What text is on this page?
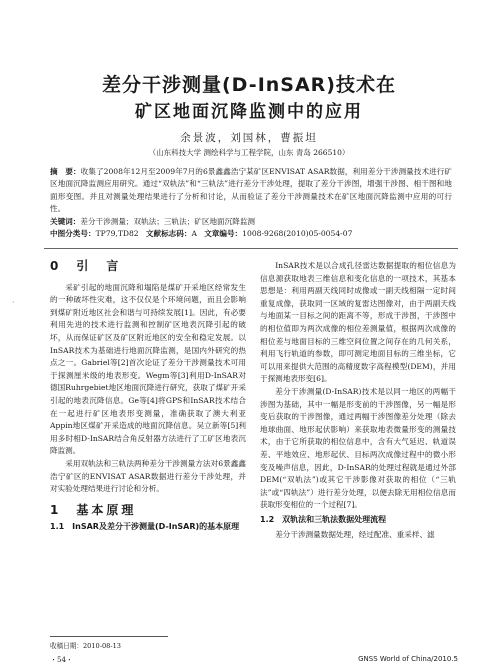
差分干涉测量(D-InSAR)技术在
矿区地面沉降监测中的应用
余景波，刘国林，曹振坦
（山东科技大学 测绘科学与工程学院，山东 青岛 266510）
摘　要：收集了2008年12月至2009年7月的6景鑫鑫浩宁某矿区ENVISAT ASAR数据，利用差分干涉测量技术进行矿区地面沉降监测应用研究。通过“双轨法”和“三轨法”进行差分干涉处理，提取了差分干涉图，增强干涉图、相干图和地面形变图。并且对测量处理结果进行了分析和讨论，从而验证了差分干涉测量技术在矿区地面沉降监测中应用的可行性。
关键词：差分干涉测量；双轨法；三轨法；矿区地面沉降监测
中图分类号：TP79,TD82 文献标志码：A 文章编号：1008-9268(2010)05-0054-07
·
0　引　言

采矿引起的地面沉降和塌陷是煤矿开采地区经常发生的一种破坏性灾难，这不仅仅是个环境问题，而且会影响到煤矿附近地区社会和谐与可持续发展[1]。因此，有必要利用先进的技术进行监测和控制矿区地表沉降引起的破坏，从而保证矿区及矿区附近地区的安全和稳定发展。以InSAR技术为基础进行地面沉降监测，是国内外研究的热点之一。Gabriel等[2]首次论证了差分干涉测量技术可用于探测厘米级的地表形变。Wegm等[3]利用D-InSAR对德国Ruhrgebiet地区地面沉降进行研究，获取了煤矿开采引起的地表沉降信息。Ge等[4]将GPS和InSAR技术结合在一起进行矿区地表形变测量，准确获取了澳大利亚Appin地区煤矿开采造成的地面沉降信息。吴立新等[5]利用多时相D-InSAR结合角反射器方法进行了工矿区地表沉降监测。

采用双轨法和三轨法两种差分干涉测量方法对6景鑫鑫浩宁矿区的ENVISAT ASAR数据进行差分干涉处理，并对实验处理结果进行讨论和分析。

1　基本原理
1.1　InSAR及差分干涉测量(D-InSAR)的基本原理

InSAR技术是以合成孔径雷达数据提取的相位信息为信息源获取地表三维信息和变化信息的一项技术，其基本思想是：利用两副天线同时成像或一副天线相隔一定时间重复成像，获取同一区域的复雷达图像对，由于两副天线与地面某一目标之间的距离不等，形成干涉图，干涉图中的相位值即为两次成像的相位差测量值，根据两次成像的相位差与地面目标的三维空间位置之间存在的几何关系，利用飞行轨道的参数，即可测定地面目标的三维坐标，它可以用来提供大范围的高精度数字高程模型(DEM)，并用于探测地表形变[6]。

差分干涉测量(D-InSAR)技术是以同一地区的两幅干涉图为基础，其中一幅是形变前的干涉图像，另一幅是形变后获取的干涉图像，通过两幅干涉图像差分处理（除去地球曲面、地形起伏影响）来获取地表微量形变的测量技术，由于它所获取的相位信息中，含有大气延迟、轨道误差、平地效应、地形起伏、目标两次成像过程中的微小形变及噪声信息，因此，D-InSAR的处理过程就是通过外部DEM(“双轨法”)或其它干涉影像对获取的相位（“三轨法”或“四轨法”）进行差分处理，以便去除无用相位信息而获取形变相位的一个过程[7]。

1.2　双轨法和三轨法数据处理流程

差分干涉测量数据处理，经过配准、重采样、滤

收稿日期：2010-08-13
・54・	GNSS World of China/2010.5
